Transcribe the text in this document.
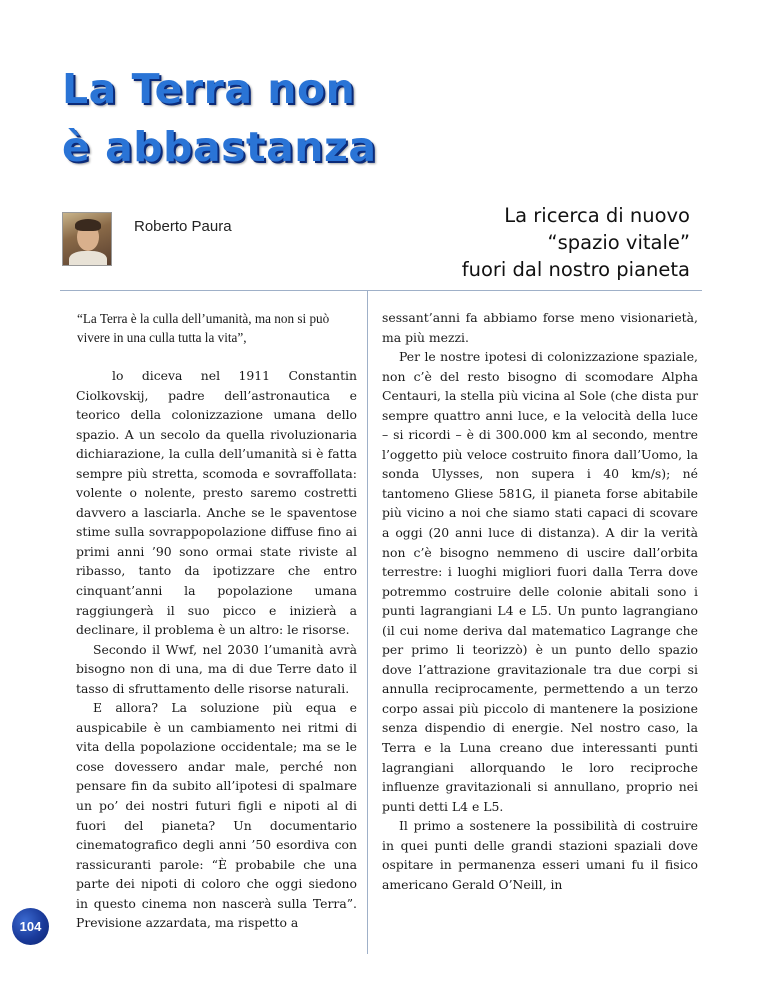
La Terra non
è abbastanza
Roberto Paura	La ricerca di nuovo
“spazio vitale”
fuori dal nostro pianeta
“La Terra è la culla dell’umanità, ma non si può vivere in una culla tutta la vita”,

lo diceva nel 1911 Constantin Ciolkovskij, padre dell’astronautica e teorico della colonizzazione umana dello spazio. A un secolo da quella rivoluzionaria dichiarazione, la culla dell’umanità si è fatta sempre più stretta, scomoda e sovraffollata: volente o nolente, presto saremo costretti davvero a lasciarla. Anche se le spaventose stime sulla sovrappopolazione diffuse fino ai primi anni ’90 sono ormai state riviste al ribasso, tanto da ipotizzare che entro cinquant’anni la popolazione umana raggiungerà il suo picco e inizierà a declinare, il problema è un altro: le risorse.

Secondo il Wwf, nel 2030 l’umanità avrà bisogno non di una, ma di due Terre dato il tasso di sfruttamento delle risorse naturali.

E allora? La soluzione più equa e auspicabile è un cambiamento nei ritmi di vita della popolazione occidentale; ma se le cose dovessero andar male, perché non pensare fin da subito all’ipotesi di spalmare un po’ dei nostri futuri figli e nipoti al di fuori del pianeta? Un documentario cinematografico degli anni ’50 esordiva con rassicuranti parole: “È probabile che una parte dei nipoti di coloro che oggi siedono in questo cinema non nascerà sulla Terra”. Previsione azzardata, ma rispetto a

sessant’anni fa abbiamo forse meno visionarietà, ma più mezzi.

Per le nostre ipotesi di colonizzazione spaziale, non c’è del resto bisogno di scomodare Alpha Centauri, la stella più vicina al Sole (che dista pur sempre quattro anni luce, e la velocità della luce – si ricordi – è di 300.000 km al secondo, mentre l’oggetto più veloce costruito finora dall’Uomo, la sonda Ulysses, non supera i 40 km/s); né tantomeno Gliese 581G, il pianeta forse abitabile più vicino a noi che siamo stati capaci di scovare a oggi (20 anni luce di distanza). A dir la verità non c’è bisogno nemmeno di uscire dall’orbita terrestre: i luoghi migliori fuori dalla Terra dove potremmo costruire delle colonie abitali sono i punti lagrangiani L4 e L5. Un punto lagrangiano (il cui nome deriva dal matematico Lagrange che per primo li teorizzò) è un punto dello spazio dove l’attrazione gravitazionale tra due corpi si annulla reciprocamente, permettendo a un terzo corpo assai più piccolo di mantenere la posizione senza dispendio di energie. Nel nostro caso, la Terra e la Luna creano due interessanti punti lagrangiani allorquando le loro reciproche influenze gravitazionali si annullano, proprio nei punti detti L4 e L5.

Il primo a sostenere la possibilità di costruire in quei punti delle grandi stazioni spaziali dove ospitare in permanenza esseri umani fu il fisico americano Gerald O’Neill, in

104
